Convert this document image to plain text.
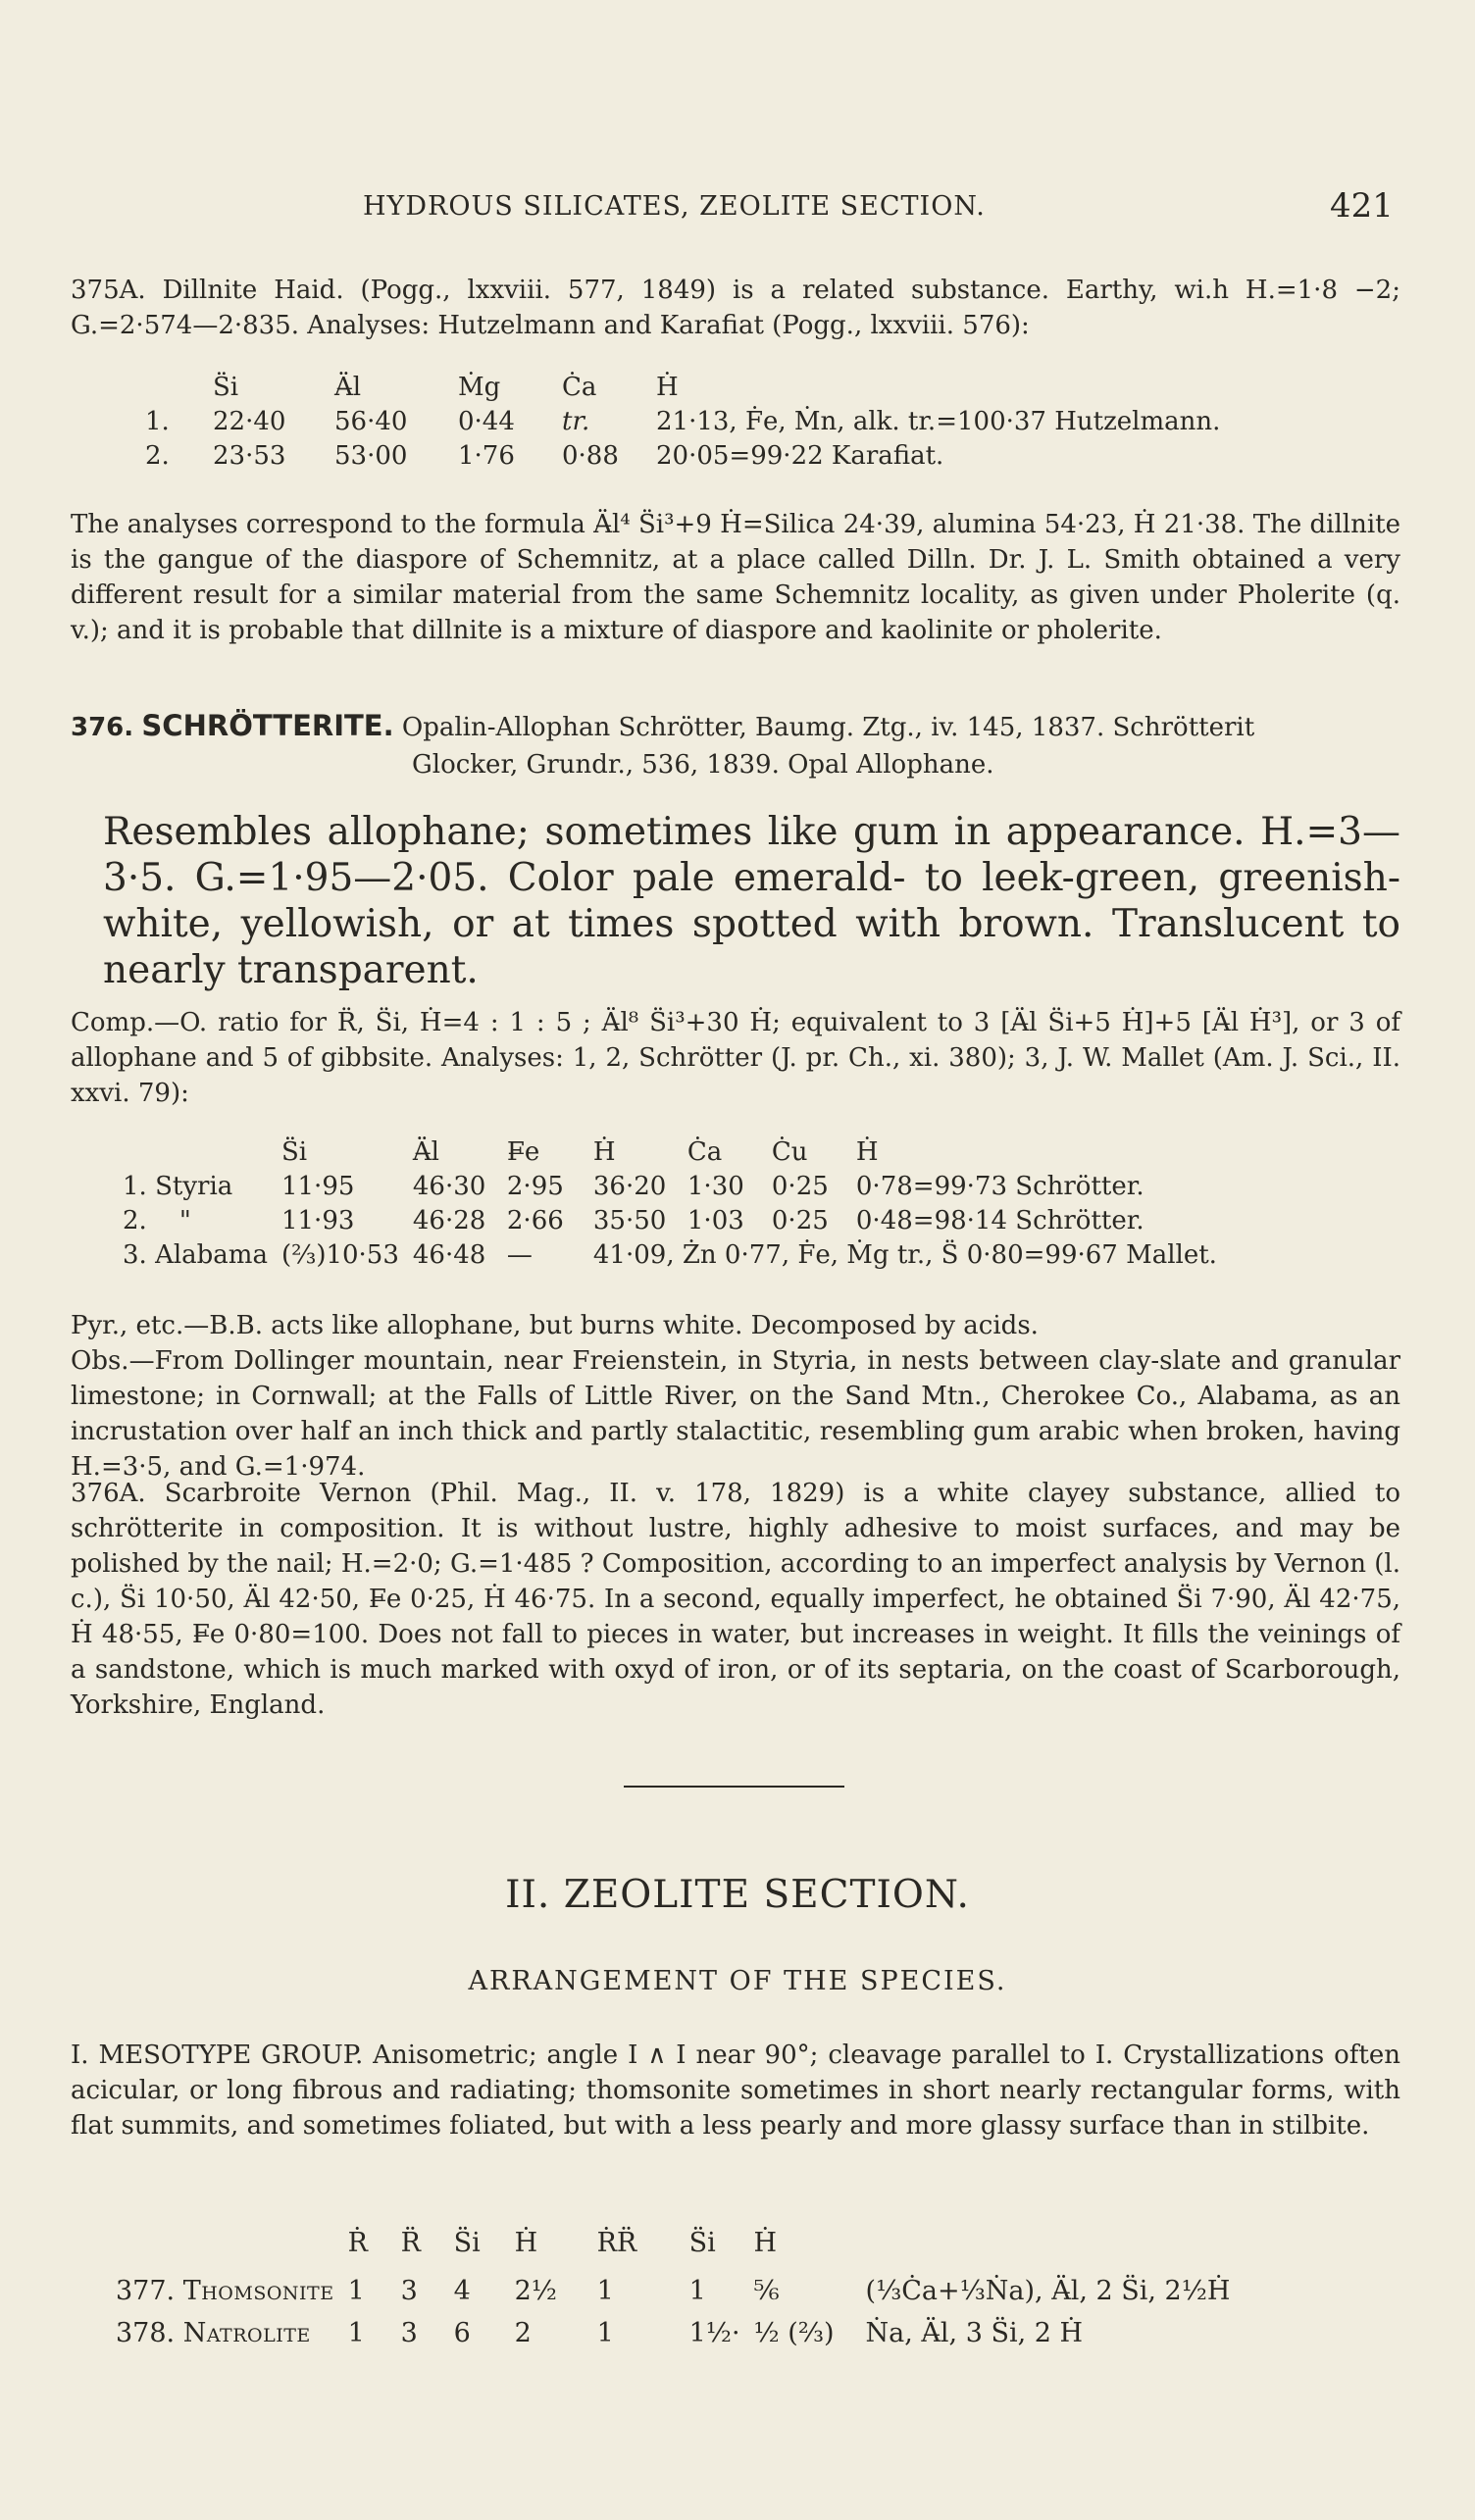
HYDROUS SILICATES, ZEOLITE SECTION.	421

375A. Dillnite Haid. (Pogg., lxxviii. 577, 1849) is a related substance. Earthy, wi.h H.=1·8 −2; G.=2·574—2·835. Analyses: Hutzelmann and Karafiat (Pogg., lxxviii. 576):

	S̈i	Ä̶l	Ṁg	Ċa	Ḣ
1.	22·40	56·40	0·44	tr.	21·13, Ḟe, Ṁn, alk. tr.=100·37 Hutzelmann.
2.	23·53	53·00	1·76	0·88	20·05=99·22 Karafiat.

The analyses correspond to the formula Ä̶l⁴ S̈i³+9 Ḣ=Silica 24·39, alumina 54·23, Ḣ 21·38. The dillnite is the gangue of the diaspore of Schemnitz, at a place called Dilln. Dr. J. L. Smith obtained a very different result for a similar material from the same Schemnitz locality, as given under Pholerite (q. v.); and it is probable that dillnite is a mixture of diaspore and kaolinite or pholerite.

376. SCHRÖTTERITE. Opalin-Allophan Schrötter, Baumg. Ztg., iv. 145, 1837. Schrötterit
Glocker, Grundr., 536, 1839. Opal Allophane.

Resembles allophane; sometimes like gum in appearance. H.=3—3·5. G.=1·95—2·05. Color pale emerald- to leek-green, greenish-white, yellowish, or at times spotted with brown. Translucent to nearly transparent.

Comp.—O. ratio for R̈, S̈i, Ḣ=4 : 1 : 5 ; Ä̶l⁸ S̈i³+30 Ḣ; equivalent to 3 [Ä̶l S̈i+5 Ḣ]+5 [Ä̶l Ḣ³], or 3 of allophane and 5 of gibbsite. Analyses: 1, 2, Schrötter (J. pr. Ch., xi. 380); 3, J. W. Mallet (Am. J. Sci., II. xxvi. 79):

	S̈i	Ä̶l	F̶e	Ḣ	Ċa	Ċu	Ḣ
1. Styria	11·95	46·30	2·95	36·20	1·30	0·25	0·78=99·73 Schrötter.
2.    "	11·93	46·28	2·66	35·50	1·03	0·25	0·48=98·14 Schrötter.
3. Alabama	(⅔)10·53	46·48	—	41·09, Żn 0·77, Ḟe, Ṁg tr., S̈ 0·80=99·67 Mallet.			

Pyr., etc.—B.B. acts like allophane, but burns white. Decomposed by acids.

Obs.—From Dollinger mountain, near Freienstein, in Styria, in nests between clay-slate and granular limestone; in Cornwall; at the Falls of Little River, on the Sand Mtn., Cherokee Co., Alabama, as an incrustation over half an inch thick and partly stalactitic, resembling gum arabic when broken, having H.=3·5, and G.=1·974.

376A. Scarbroite Vernon (Phil. Mag., II. v. 178, 1829) is a white clayey substance, allied to schrötterite in composition. It is without lustre, highly adhesive to moist surfaces, and may be polished by the nail; H.=2·0; G.=1·485 ? Composition, according to an imperfect analysis by Vernon (l. c.), S̈i 10·50, Ä̶l 42·50, F̶e 0·25, Ḣ 46·75. In a second, equally imperfect, he obtained S̈i 7·90, Ä̶l 42·75, Ḣ 48·55, F̶e 0·80=100. Does not fall to pieces in water, but increases in weight. It fills the veinings of a sandstone, which is much marked with oxyd of iron, or of its septaria, on the coast of Scarborough, Yorkshire, England.

II. ZEOLITE SECTION.
ARRANGEMENT OF THE SPECIES.

I. MESOTYPE GROUP. Anisometric; angle I ∧ I near 90°; cleavage parallel to I. Crystallizations often acicular, or long fibrous and radiating; thomsonite sometimes in short nearly rectangular forms, with flat summits, and sometimes foliated, but with a less pearly and more glassy surface than in stilbite.

	Ṙ	R̈	S̈i	Ḣ	ṘR̈	S̈i	Ḣ	

377. Thomsonite	1	3	4	2½	1	1	⅚	(⅓Ċa+⅓Ṅa), Ä̶l, 2 S̈i, 2½Ḣ

378. Natrolite	1	3	6	2	1	1½·	½ (⅔)	Ṅa, Ä̶l, 3 S̈i, 2 Ḣ
